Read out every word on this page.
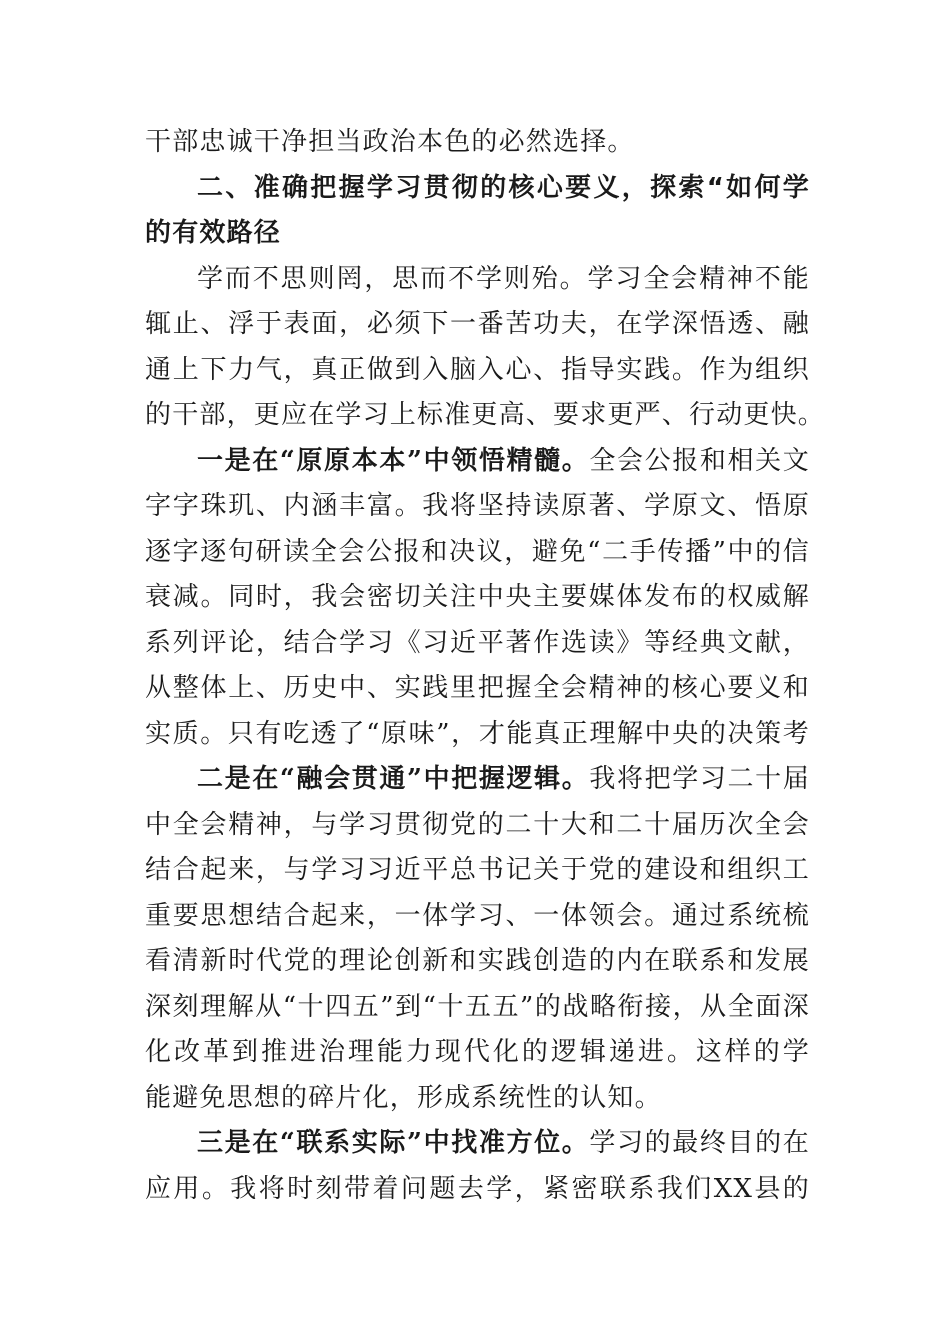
干部忠诚干净担当政治本色的必然选择。
二、准确把握学习贯彻的核心要义，探索“如何学
的有效路径
学而不思则罔，思而不学则殆。学习全会精神不能
辄止、浮于表面，必须下一番苦功夫，在学深悟透、融
通上下力气，真正做到入脑入心、指导实践。作为组织
的干部，更应在学习上标准更高、要求更严、行动更快。
一是在“原原本本”中领悟精髓。全会公报和相关文
字字珠玑、内涵丰富。我将坚持读原著、学原文、悟原
逐字逐句研读全会公报和决议，避免“二手传播”中的信
衰减。同时，我会密切关注中央主要媒体发布的权威解
系列评论，结合学习《习近平著作选读》等经典文献，
从整体上、历史中、实践里把握全会精神的核心要义和
实质。只有吃透了“原味”，才能真正理解中央的决策考
二是在“融会贯通”中把握逻辑。我将把学习二十届
中全会精神，与学习贯彻党的二十大和二十届历次全会
结合起来，与学习习近平总书记关于党的建设和组织工
重要思想结合起来，一体学习、一体领会。通过系统梳
看清新时代党的理论创新和实践创造的内在联系和发展
深刻理解从“十四五”到“十五五”的战略衔接，从全面深
化改革到推进治理能力现代化的逻辑递进。这样的学
能避免思想的碎片化，形成系统性的认知。
三是在“联系实际”中找准方位。学习的最终目的在
应用。我将时刻带着问题去学，紧密联系我们XX县的
